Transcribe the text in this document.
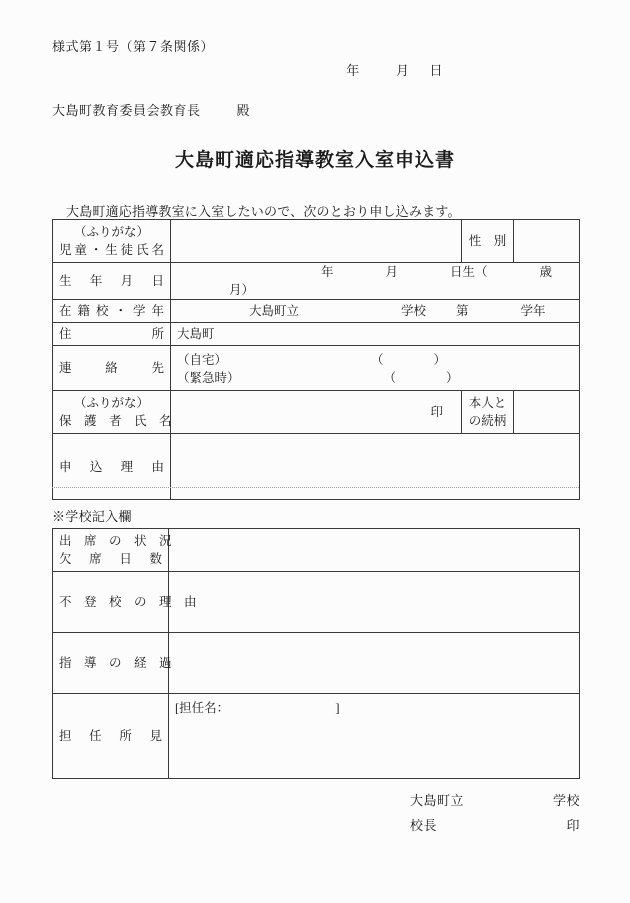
様式第１号（第７条関係）
年	月 日
大島町教育委員会教育長	殿
大島町適応指導教室入室申込書
大島町適応指導教室に入室したいので、次のとおり申し込みます。
（ふりがな）
児童・生徒氏名		性　別	

生　年　月　日	年 月 日生（ 歳月）		

在籍校・学年	大島町立 学校 第 学年		

住　　　　　所	大島町		

連　　絡　　先	（自宅） （　　　　）
（緊急時） （　　　　）		

（ふりがな）
保　護　者　氏　名	印	本人と
の続柄	

申　込　理　由			

※学校記入欄
出　席　の　状　況
欠　席　日　数	

不　登　校　の　理　由	

指　導　の　経　過	

担　任　所　見	[担任名：　　　　　　　　　]
大島町立	学校
校長	印
